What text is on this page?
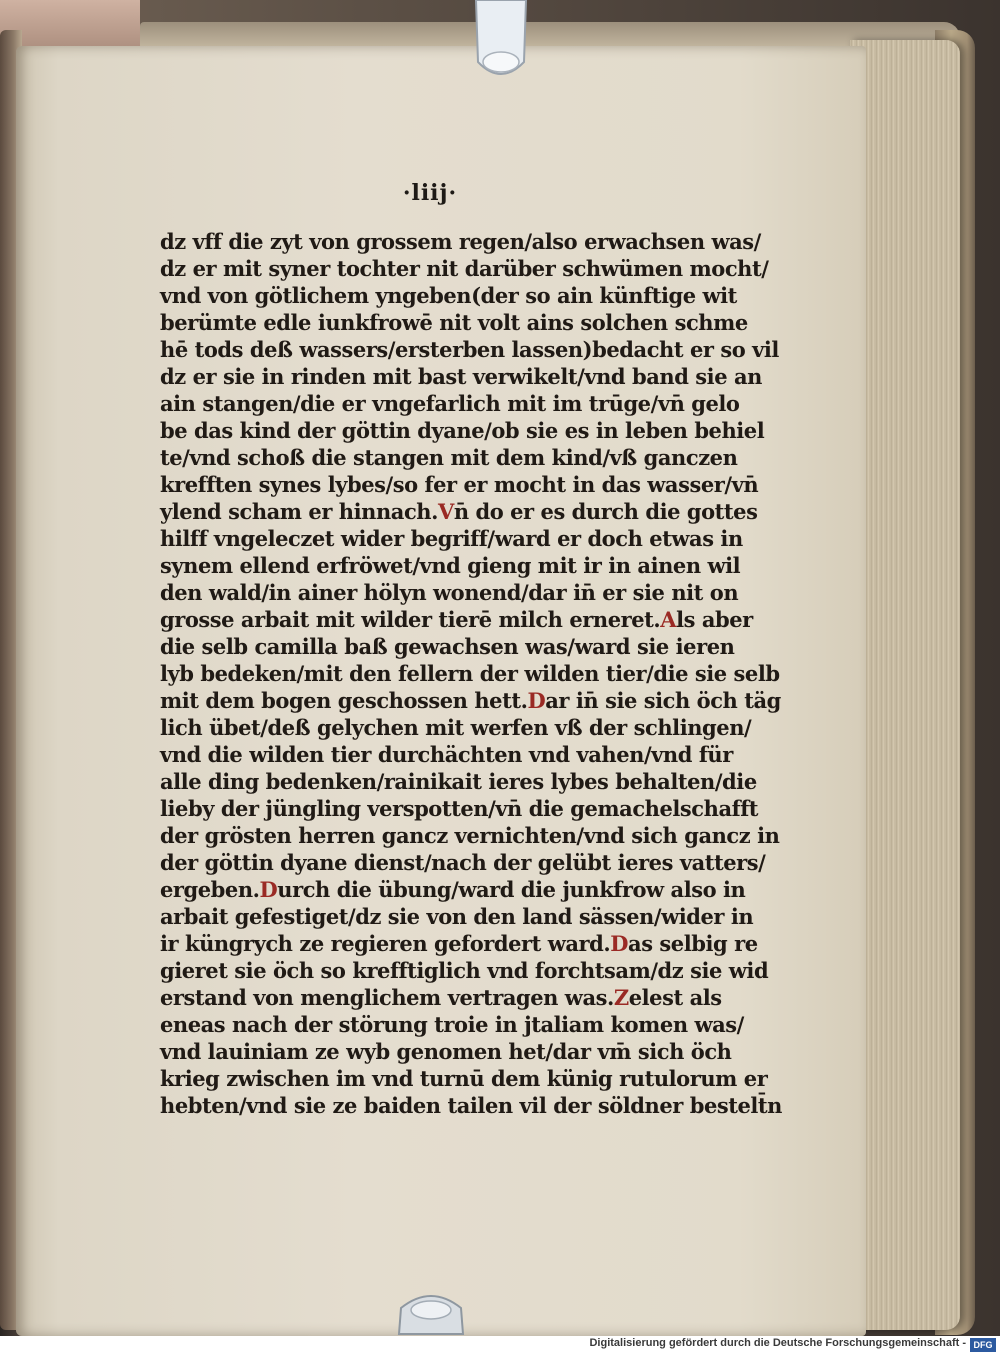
·liij·
dz vff die zyt von grossem regen/also erwachsen was/
dz er mit syner tochter nit darüber schwümen mocht/
vnd von götlichem yngeben(der so ain künftige wit
berümte edle iunkfrowē nit volt ains solchen schme
hē tods deß wassers/ersterben lassen)bedacht er so vil
dz er sie in rinden mit bast verwikelt/vnd band sie an
ain stangen/die er vngefarlich mit im trūge/vn̄ gelo
be das kind der göttin dyane/ob sie es in leben behiel
te/vnd schoß die stangen mit dem kind/vß ganczen
krefften synes lybes/so fer er mocht in das wasser/vn̄
ylend scham er hinnach.Vn̄ do er es durch die gottes
hilff vngeleczet wider begriff/ward er doch etwas in
synem ellend erfröwet/vnd gieng mit ir in ainen wil
den wald/in ainer hölyn wonend/dar in̄ er sie nit on
grosse arbait mit wilder tierē milch erneret.Als aber
die selb camilla baß gewachsen was/ward sie ieren
lyb bedeken/mit den fellern der wilden tier/die sie selb
mit dem bogen geschossen hett.Dar in̄ sie sich öch täg
lich übet/deß gelychen mit werfen vß der schlingen/
vnd die wilden tier durchächten vnd vahen/vnd für
alle ding bedenken/rainikait ieres lybes behalten/die
lieby der jüngling verspotten/vn̄ die gemachelschafft
der grösten herren gancz vernichten/vnd sich gancz in
der göttin dyane dienst/nach der gelübt ieres vatters/
ergeben.Durch die übung/ward die junkfrow also in
arbait gefestiget/dz sie von den land sässen/wider in
ir küngrych ze regieren gefordert ward.Das selbig re
gieret sie öch so krefftiglich vnd forchtsam/dz sie wid
erstand von menglichem vertragen was.Zelest als
eneas nach der störung troie in jtaliam komen was/
vnd lauiniam ze wyb genomen het/dar vm̄ sich öch
krieg zwischen im vnd turnū dem künig rutulorum er
hebten/vnd sie ze baiden tailen vil der söldner bestelt̄n
Digitalisierung gefördert durch die Deutsche Forschungsgemeinschaft - DFG
